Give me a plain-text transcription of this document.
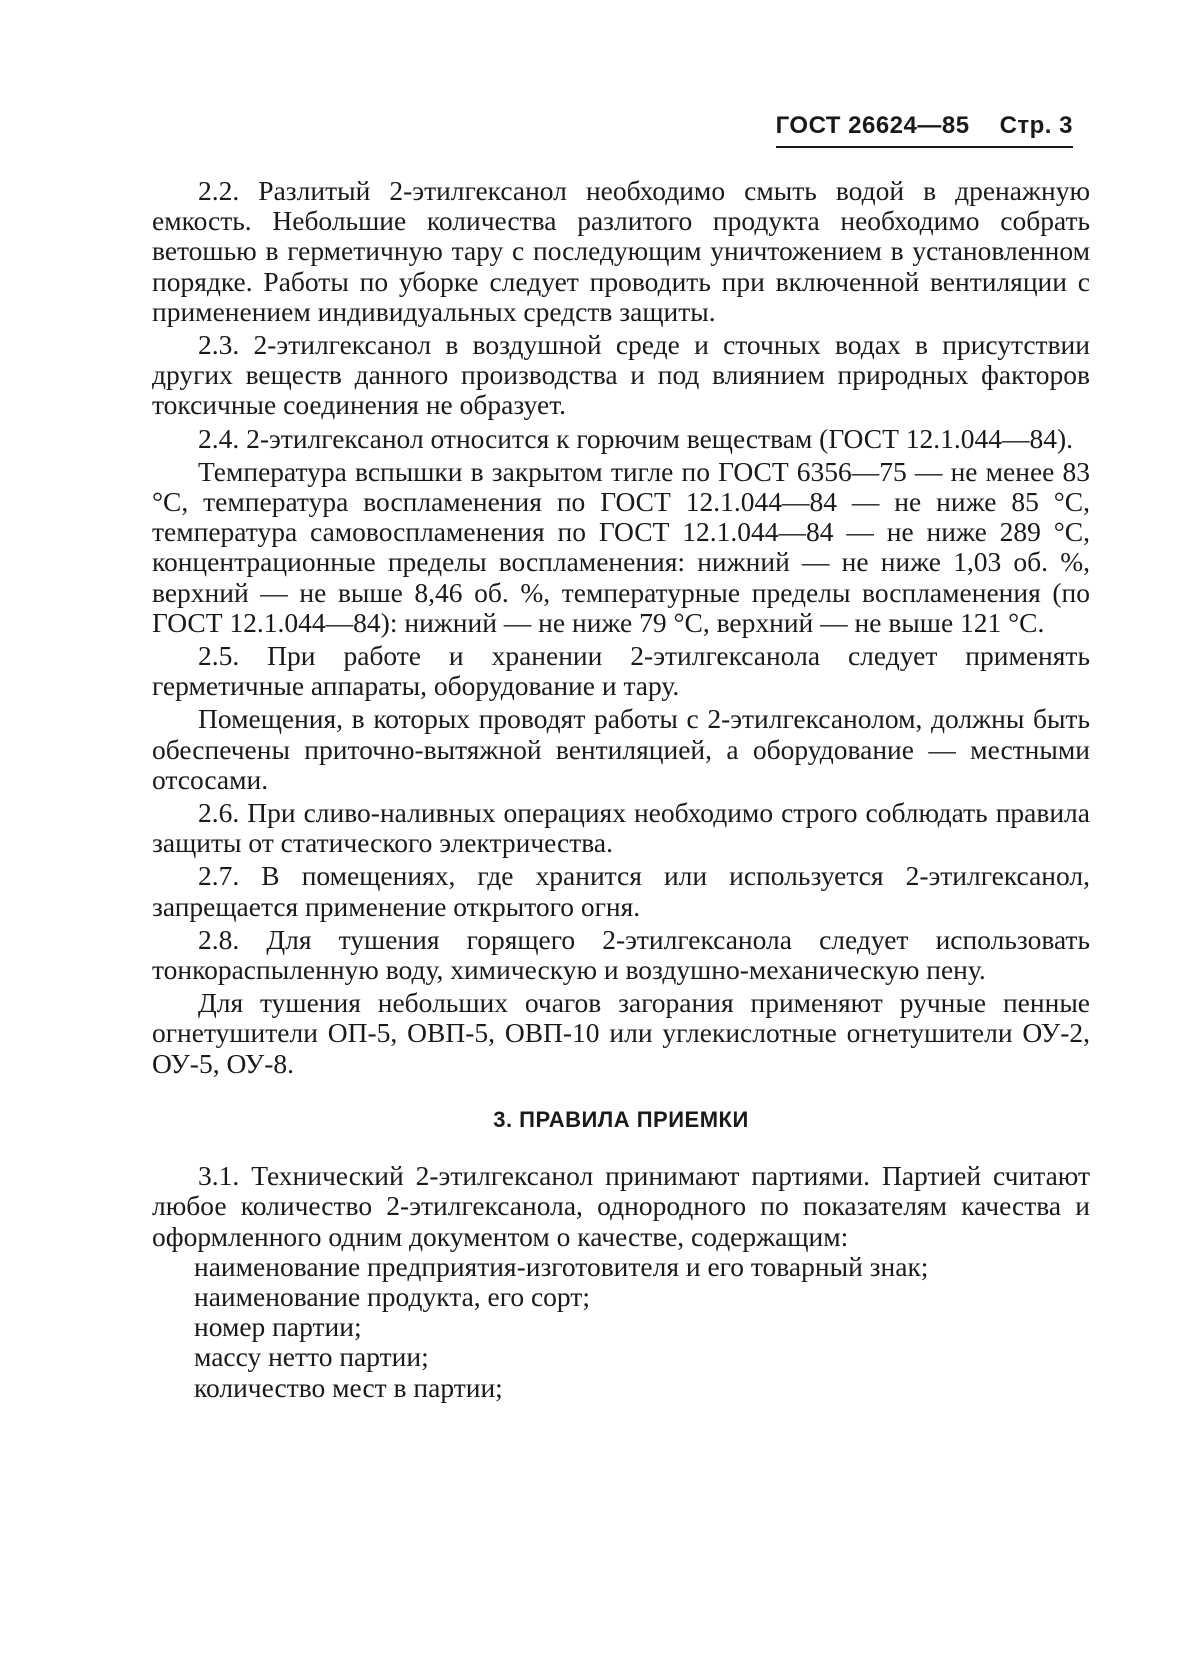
ГОСТ 26624—85 Стр. 3

2.2. Разлитый 2-этилгексанол необходимо смыть водой в дренажную емкость. Небольшие количества разлитого продукта необходимо собрать ветошью в герметичную тару с последующим уничтожением в установленном порядке. Работы по уборке следует проводить при включенной вентиляции с применением индивидуальных средств защиты.

2.3. 2-этилгексанол в воздушной среде и сточных водах в присутствии других веществ данного производства и под влиянием природных факторов токсичные соединения не образует.

2.4. 2-этилгексанол относится к горючим веществам (ГОСТ 12.1.044—84).

Температура вспышки в закрытом тигле по ГОСТ 6356—75 — не менее 83 °С, температура воспламенения по ГОСТ 12.1.044—84 — не ниже 85 °С, температура самовоспламенения по ГОСТ 12.1.044—84 — не ниже 289 °С, концентрационные пределы воспламенения: нижний — не ниже 1,03 об. %, верхний — не выше 8,46 об. %, температурные пределы воспламенения (по ГОСТ 12.1.044—84): нижний — не ниже 79 °С, верхний — не выше 121 °С.

2.5. При работе и хранении 2-этилгексанола следует применять герметичные аппараты, оборудование и тару.

Помещения, в которых проводят работы с 2-этилгексанолом, должны быть обеспечены приточно-вытяжной вентиляцией, а оборудование — местными отсосами.

2.6. При сливо-наливных операциях необходимо строго соблюдать правила защиты от статического электричества.

2.7. В помещениях, где хранится или используется 2-этилгексанол, запрещается применение открытого огня.

2.8. Для тушения горящего 2-этилгексанола следует использовать тонкораспыленную воду, химическую и воздушно-механическую пену.

Для тушения небольших очагов загорания применяют ручные пенные огнетушители ОП-5, ОВП-5, ОВП-10 или углекислотные огнетушители ОУ-2, ОУ-5, ОУ-8.

3. ПРАВИЛА ПРИЕМКИ

3.1. Технический 2-этилгексанол принимают партиями. Партией считают любое количество 2-этилгексанола, однородного по показателям качества и оформленного одним документом о качестве, содержащим:

наименование предприятия-изготовителя и его товарный знак;

наименование продукта, его сорт;

номер партии;

массу нетто партии;

количество мест в партии;
